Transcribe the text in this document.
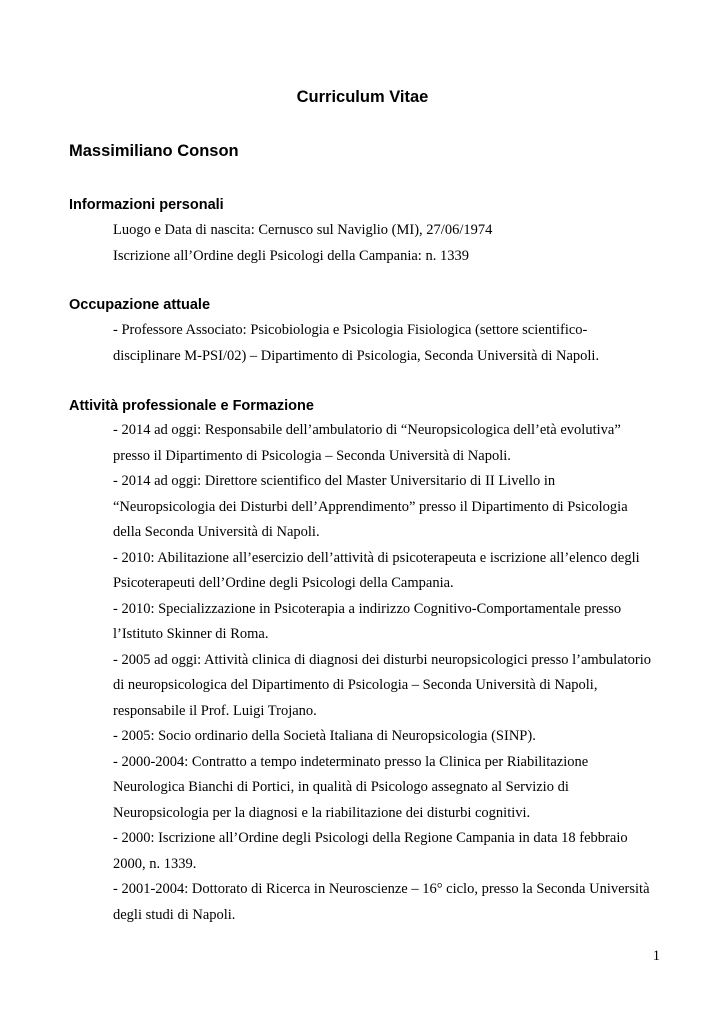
Curriculum Vitae
Massimiliano Conson
Informazioni personali
Luogo e Data di nascita: Cernusco sul Naviglio (MI), 27/06/1974
Iscrizione all’Ordine degli Psicologi della Campania: n. 1339
Occupazione attuale
- Professore Associato: Psicobiologia e Psicologia Fisiologica (settore scientifico-
disciplinare M-PSI/02) – Dipartimento di Psicologia, Seconda Università di Napoli.
Attività professionale e Formazione
- 2014 ad oggi: Responsabile dell’ambulatorio di “Neuropsicologica dell’età evolutiva”
presso il Dipartimento di Psicologia – Seconda Università di Napoli.
- 2014 ad oggi: Direttore scientifico del Master Universitario di II Livello in
“Neuropsicologia dei Disturbi dell’Apprendimento” presso il Dipartimento di Psicologia
della Seconda Università di Napoli.
- 2010: Abilitazione all’esercizio dell’attività di psicoterapeuta e iscrizione all’elenco degli
Psicoterapeuti dell’Ordine degli Psicologi della Campania.
- 2010: Specializzazione in Psicoterapia a indirizzo Cognitivo-Comportamentale presso
l’Istituto Skinner di Roma.
- 2005 ad oggi: Attività clinica di diagnosi dei disturbi neuropsicologici presso l’ambulatorio
di neuropsicologica del Dipartimento di Psicologia – Seconda Università di Napoli,
responsabile il Prof. Luigi Trojano.
- 2005: Socio ordinario della Società Italiana di Neuropsicologia (SINP).
- 2000-2004: Contratto a tempo indeterminato presso la Clinica per Riabilitazione
Neurologica Bianchi di Portici, in qualità di Psicologo assegnato al Servizio di
Neuropsicologia per la diagnosi e la riabilitazione dei disturbi cognitivi.
- 2000: Iscrizione all’Ordine degli Psicologi della Regione Campania in data 18 febbraio
2000, n. 1339.
- 2001-2004: Dottorato di Ricerca in Neuroscienze – 16° ciclo, presso la Seconda Università
degli studi di Napoli.
1
